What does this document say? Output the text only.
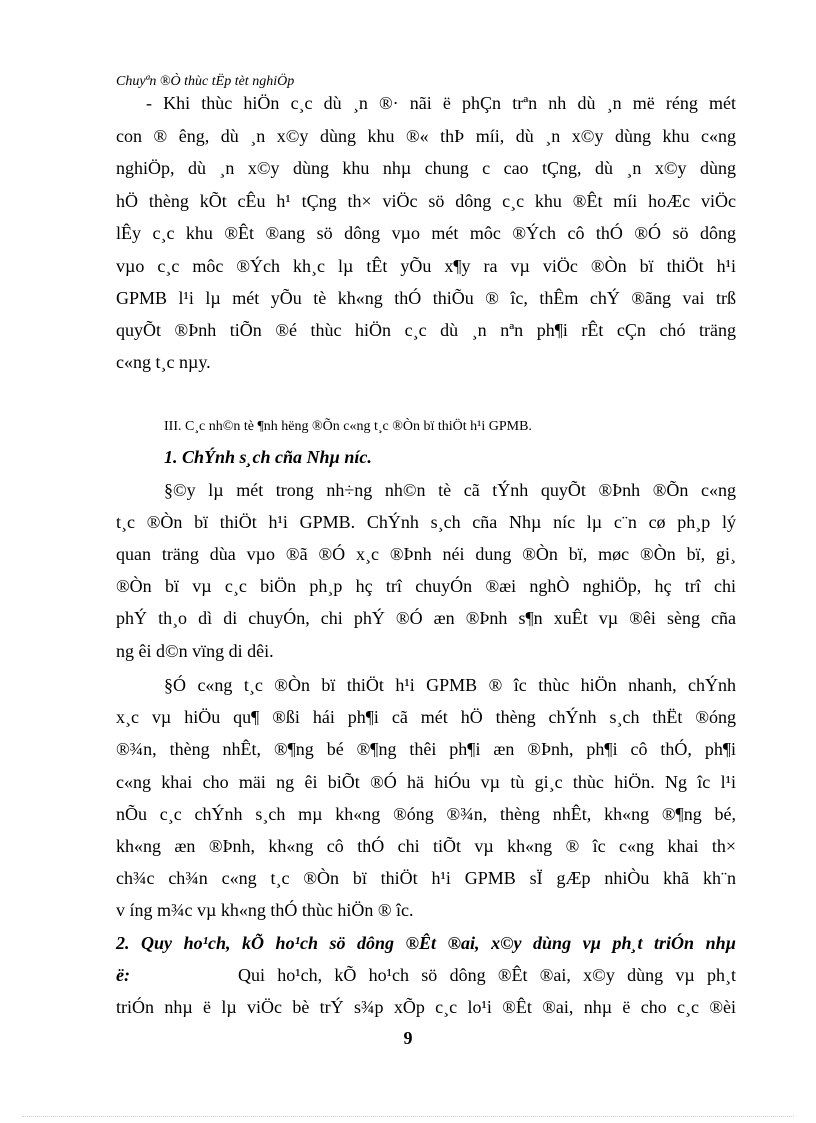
Chuyªn ®Ò thùc tËp tèt nghiÖp
- Khi thùc hiÖn c¸c dù ¸n ®· nãi ë phÇn trªn nh dù ¸n më réng mét
con ® êng, dù ¸n x©y dùng khu ®« thÞ míi, dù ¸n x©y dùng khu c«ng
nghiÖp, dù ¸n x©y dùng khu nhµ chung c cao tÇng, dù ¸n x©y dùng
hÖ thèng kÕt cÊu h¹ tÇng th× viÖc sö dông c¸c khu ®Êt míi hoÆc viÖc
lÊy c¸c khu ®Êt ®ang sö dông vµo mét môc ®Ých cô thÓ ®Ó sö dông
vµo c¸c môc ®Ých kh¸c lµ tÊt yÕu x¶y ra vµ viÖc ®Òn bï thiÖt h¹i
GPMB l¹i lµ mét yÕu tè kh«ng thÓ thiÕu ® îc, thÊm chÝ ®ãng vai trß
quyÕt ®Þnh tiÕn ®é thùc hiÖn c¸c dù ¸n nªn ph¶i rÊt cÇn chó träng
c«ng t¸c nµy.
III. C¸c nh©n tè ¶nh hëng ®Õn c«ng t¸c ®Òn bï thiÖt h¹i GPMB.
1. ChÝnh s¸ch cña Nhµ níc.
§©y lµ mét trong nh÷ng nh©n tè cã tÝnh quyÕt ®Þnh ®Õn c«ng
t¸c ®Òn bï thiÖt h¹i GPMB. ChÝnh s¸ch cña Nhµ níc lµ c¨n cø ph¸p lý
quan träng dùa vµo ®ã ®Ó x¸c ®Þnh néi dung ®Òn bï, møc ®Òn bï, gi¸
®Òn bï vµ c¸c biÖn ph¸p hç trî chuyÓn ®æi nghÒ nghiÖp, hç trî chi
phÝ th¸o dì di chuyÓn, chi phÝ ®Ó æn ®Þnh s¶n xuÊt vµ ®êi sèng cña
ng êi d©n vïng di dêi.
§Ó c«ng t¸c ®Òn bï thiÖt h¹i GPMB ® îc thùc hiÖn nhanh, chÝnh
x¸c vµ hiÖu qu¶ ®ßi hái ph¶i cã mét hÖ thèng chÝnh s¸ch thËt ®óng
®¾n, thèng nhÊt, ®¶ng bé ®¶ng thêi ph¶i æn ®Þnh, ph¶i cô thÓ, ph¶i
c«ng khai cho mäi ng êi biÕt ®Ó hä hiÓu vµ tù gi¸c thùc hiÖn. Ng îc l¹i
nÕu c¸c chÝnh s¸ch mµ kh«ng ®óng ®¾n, thèng nhÊt, kh«ng ®¶ng bé,
kh«ng æn ®Þnh, kh«ng cô thÓ chi tiÕt vµ kh«ng ® îc c«ng khai th×
ch¾c ch¾n c«ng t¸c ®Òn bï thiÖt h¹i GPMB sÏ gÆp nhiÒu khã kh¨n
v íng m¾c vµ kh«ng thÓ thùc hiÖn ® îc.
2. Quy ho¹ch, kÕ ho¹ch sö dông ®Êt ®ai, x©y dùng vµ ph¸t triÓn nhµ
ë:	Qui ho¹ch, kÕ ho¹ch sö dông ®Êt ®ai, x©y dùng vµ ph¸t
triÓn nhµ ë lµ viÖc bè trÝ s¾p xÕp c¸c lo¹i ®Êt ®ai, nhµ ë cho c¸c ®èi
9
